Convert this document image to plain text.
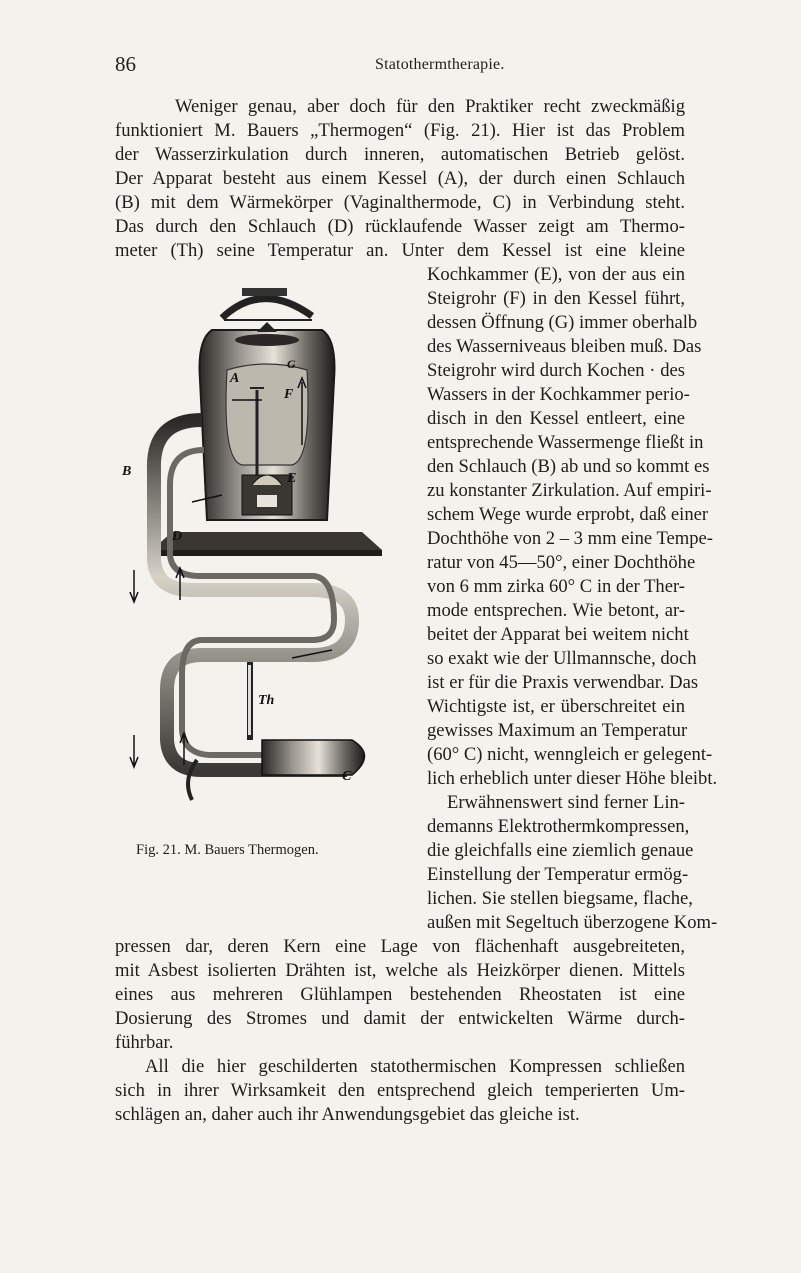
86	Statothermtherapie.
Weniger genau, aber doch für den Praktiker recht zweckmäßig
funktioniert M. Bauers „Thermogen“ (Fig. 21). Hier ist das Problem
der Wasserzirkulation durch inneren, automatischen Betrieb gelöst.
Der Apparat besteht aus einem Kessel (A), der durch einen Schlauch
(B) mit dem Wärmekörper (Vaginalthermode, C) in Verbindung steht.
Das durch den Schlauch (D) rücklaufende Wasser zeigt am Thermo-
meter (Th) seine Temperatur an. Unter dem Kessel ist eine kleine
Kochkammer (E), von der aus ein
Steigrohr (F) in den Kessel führt,
dessen Öffnung (G) immer oberhalb
des Wasserniveaus bleiben muß. Das
Steigrohr wird durch Kochen · des
Wassers in der Kochkammer perio-
disch in den Kessel entleert, eine
entsprechende Wassermenge fließt in
den Schlauch (B) ab und so kommt es
zu konstanter Zirkulation. Auf empiri-
schem Wege wurde erprobt, daß einer
Dochthöhe von 2 – 3 mm eine Tempe-
ratur von 45—50°, einer Dochthöhe
von 6 mm zirka 60° C in der Ther-
mode entsprechen. Wie betont, ar-
beitet der Apparat bei weitem nicht
so exakt wie der Ullmannsche, doch
ist er für die Praxis verwendbar. Das
Wichtigste ist, er überschreitet ein
gewisses Maximum an Temperatur
(60° C) nicht, wenngleich er gelegent-
lich erheblich unter dieser Höhe bleibt.
Erwähnenswert sind ferner Lin-
demanns Elektrothermkompressen,
die gleichfalls eine ziemlich genaue
Einstellung der Temperatur ermög-
lichen. Sie stellen biegsame, flache,
außen mit Segeltuch überzogene Kom-
pressen dar, deren Kern eine Lage von flächenhaft ausgebreiteten,
mit Asbest isolierten Drähten ist, welche als Heizkörper dienen. Mittels
eines aus mehreren Glühlampen bestehenden Rheostaten ist eine
Dosierung des Stromes und damit der entwickelten Wärme durch-
führbar.
All die hier geschilderten statothermischen Kompressen schließen
sich in ihrer Wirksamkeit den entsprechend gleich temperierten Um-
schlägen an, daher auch ihr Anwendungsgebiet das gleiche ist.
A
B
C
D
E
F
G
Th
Fig. 21. M. Bauers Thermogen.
